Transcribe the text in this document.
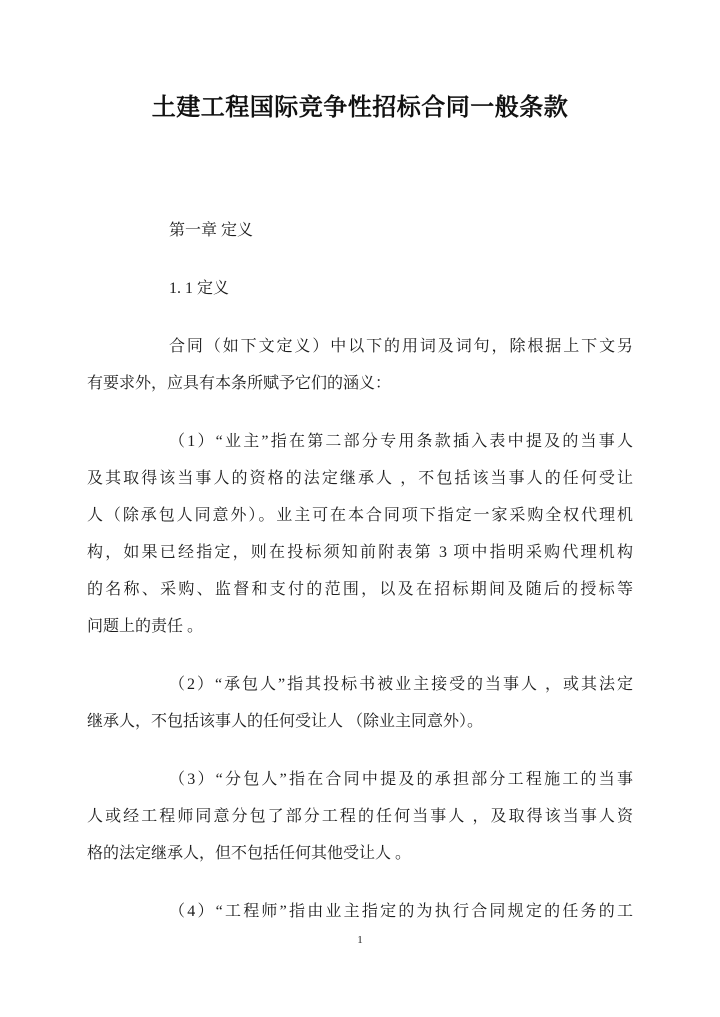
土建工程国际竞争性招标合同一般条款
第一章 定义
1. 1 定义
合同（如下文定义）中以下的用词及词句，除根据上下文另
有要求外，应具有本条所赋予它们的涵义：
（1）“业主”指在第二部分专用条款插入表中提及的当事人
及其取得该当事人的资格的法定继承人 ，不包括该当事人的任何受让
人（除承包人同意外）。业主可在本合同项下指定一家采购全权代理机
构，如果已经指定，则在投标须知前附表第 3 项中指明采购代理机构
的名称、采购、监督和支付的范围，以及在招标期间及随后的授标等
问题上的责任 。
（2）“承包人”指其投标书被业主接受的当事人 ，或其法定
继承人，不包括该事人的任何受让人 （除业主同意外）。
（3）“分包人”指在合同中提及的承担部分工程施工的当事
人或经工程师同意分包了部分工程的任何当事人 ，及取得该当事人资
格的法定继承人，但不包括任何其他受让人 。
（4）“工程师”指由业主指定的为执行合同规定的任务的工
1
